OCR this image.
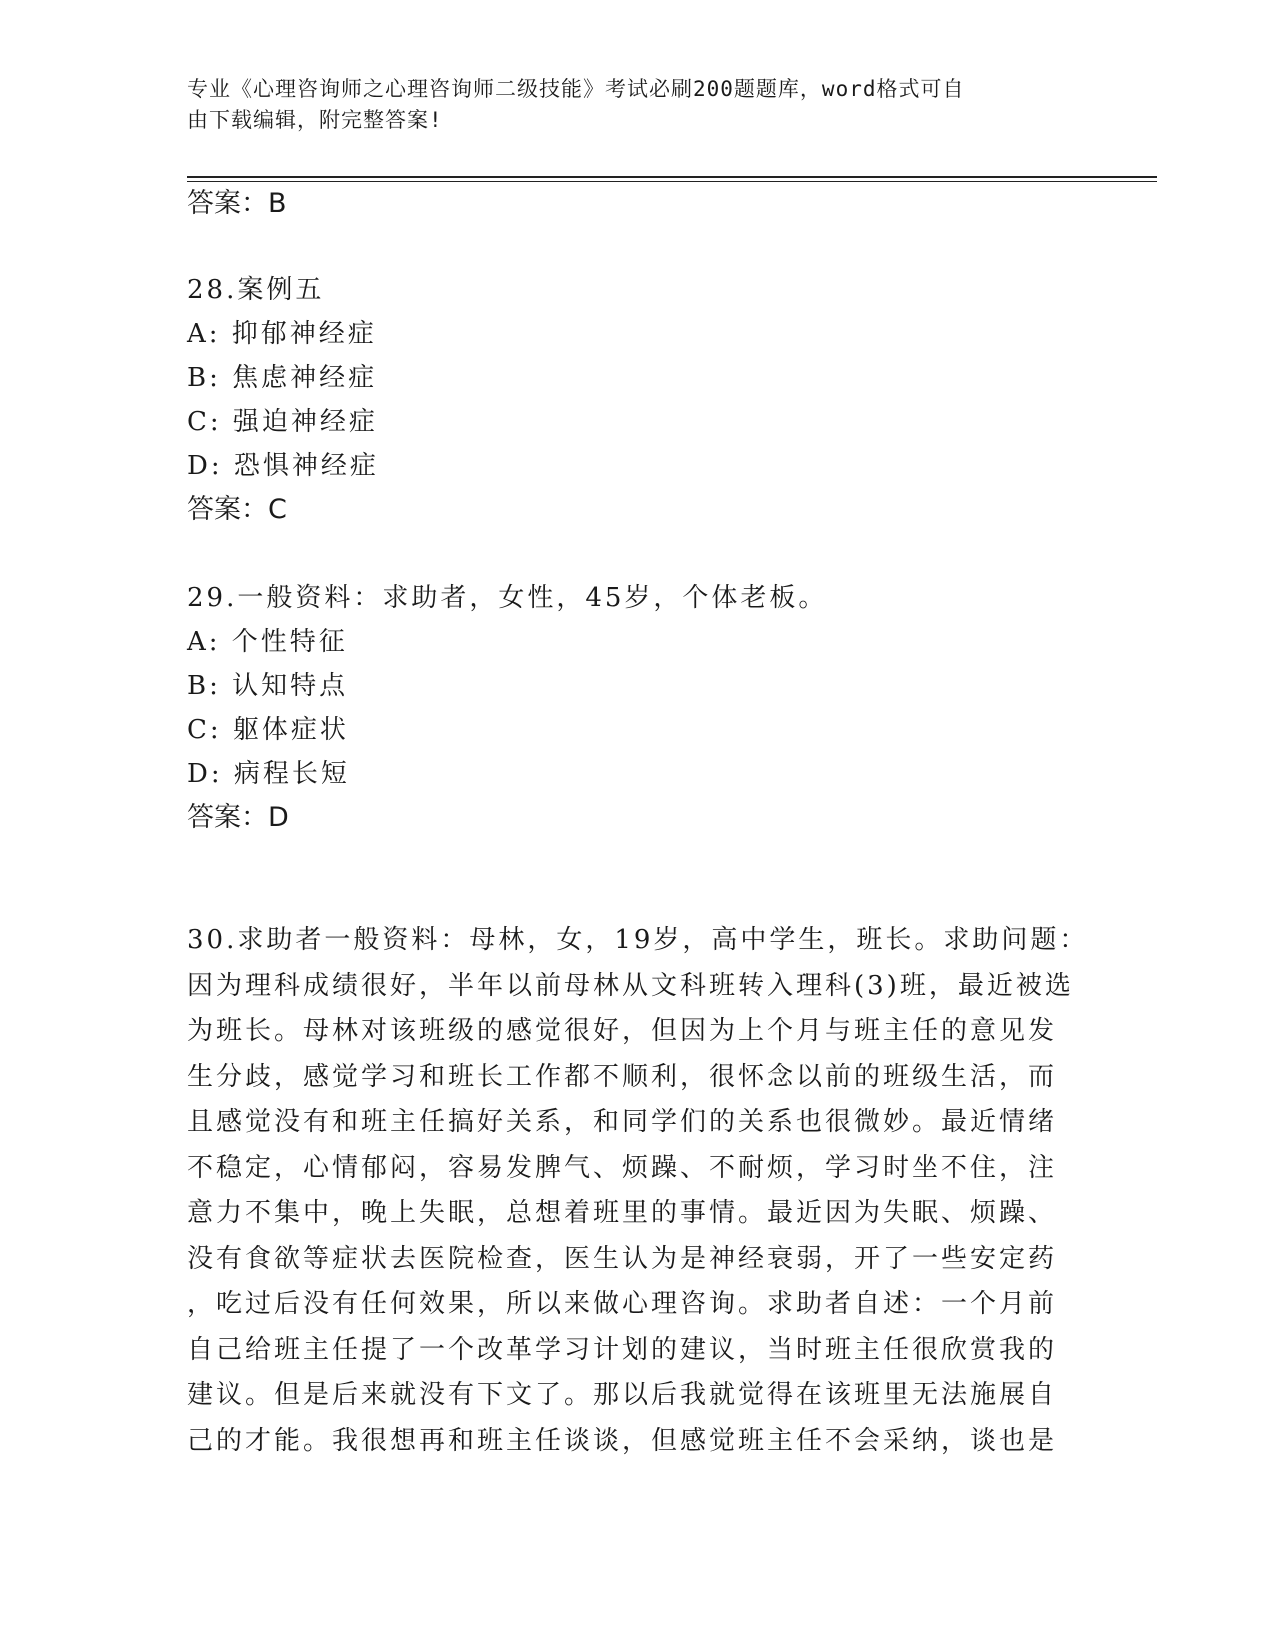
专业《心理咨询师之心理咨询师二级技能》考试必刷200题题库，word格式可自
由下载编辑，附完整答案!
答案：B
28.案例五
A: 抑郁神经症
B: 焦虑神经症
C: 强迫神经症
D: 恐惧神经症
答案：C
29.一般资料：求助者，女性，45岁，个体老板。
A: 个性特征
B: 认知特点
C: 躯体症状
D: 病程长短
答案：D
30.求助者一般资料：母林，女，19岁，高中学生，班长。求助问题：
因为理科成绩很好，半年以前母林从文科班转入理科(3)班，最近被选
为班长。母林对该班级的感觉很好，但因为上个月与班主任的意见发
生分歧，感觉学习和班长工作都不顺利，很怀念以前的班级生活，而
且感觉没有和班主任搞好关系，和同学们的关系也很微妙。最近情绪
不稳定，心情郁闷，容易发脾气、烦躁、不耐烦，学习时坐不住，注
意力不集中，晚上失眠，总想着班里的事情。最近因为失眠、烦躁、
没有食欲等症状去医院检查，医生认为是神经衰弱，开了一些安定药
，吃过后没有任何效果，所以来做心理咨询。求助者自述：一个月前
自己给班主任提了一个改革学习计划的建议，当时班主任很欣赏我的
建议。但是后来就没有下文了。那以后我就觉得在该班里无法施展自
己的才能。我很想再和班主任谈谈，但感觉班主任不会采纳，谈也是
